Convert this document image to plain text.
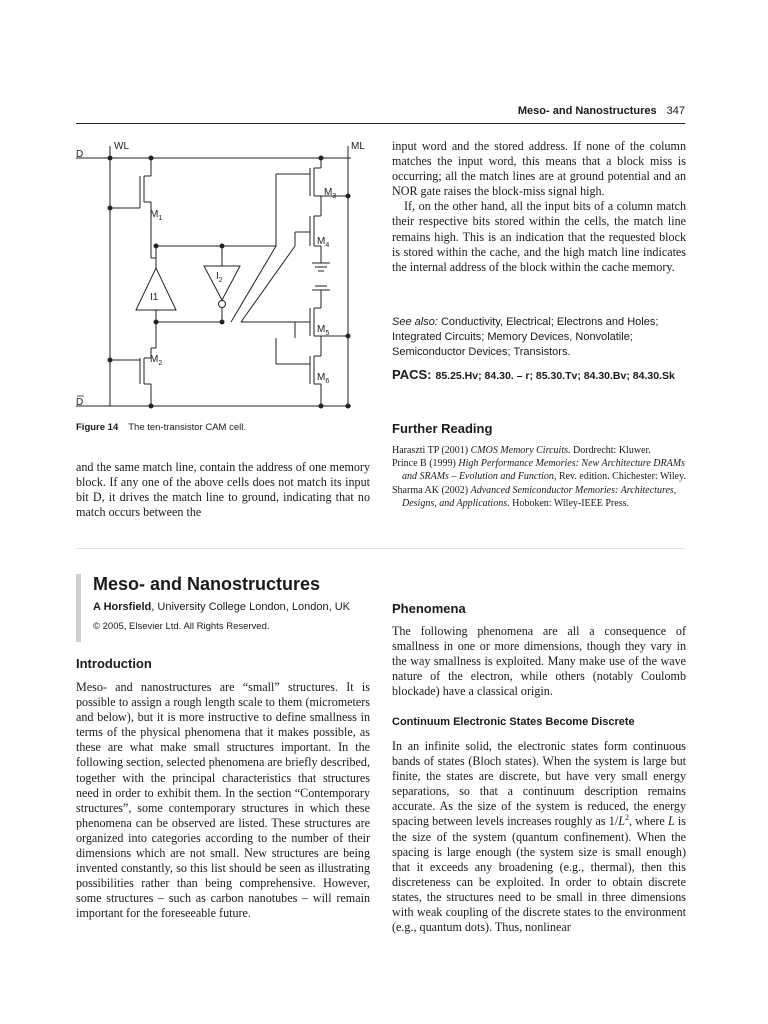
Meso- and Nanostructures 347
D
WL	ML
D
$M_1$
$M_2$
$M_3$
$M_4$
$M_5$
$M_6$
I1
$I_2$
Figure 14 The ten-transistor CAM cell.

and the same match line, contain the address of one memory block. If any one of the above cells does not match its input bit D, it drives the match line to ground, indicating that no match occurs between the

input word and the stored address. If none of the column matches the input word, this means that a block miss is occurring; all the match lines are at ground potential and an NOR gate raises the block-miss signal high.

If, on the other hand, all the input bits of a column match their respective bits stored within the cells, the match line remains high. This is an indication that the requested block is stored within the cache, and the high match line indicates the internal address of the block within the cache memory.

See also: Conductivity, Electrical; Electrons and Holes; Integrated Circuits; Memory Devices, Nonvolatile; Semiconductor Devices; Transistors.
PACS: 85.25.Hv; 84.30. – r; 85.30.Tv; 84.30.Bv; 84.30.Sk
Further Reading
Haraszti TP (2001) CMOS Memory Circuits. Dordrecht: Kluwer.
Prince B (1999) High Performance Memories: New Architecture DRAMs and SRAMs – Evolution and Function, Rev. edition. Chichester: Wiley.
Sharma AK (2002) Advanced Semiconductor Memories: Architectures, Designs, and Applications. Hoboken: Wiley-IEEE Press.
Meso- and Nanostructures
A Horsfield, University College London, London, UK
© 2005, Elsevier Ltd. All Rights Reserved.
Introduction

Meso- and nanostructures are “small” structures. It is possible to assign a rough length scale to them (micrometers and below), but it is more instructive to define smallness in terms of the physical phenomena that it makes possible, as these are what make small structures important. In the following section, selected phenomena are briefly described, together with the principal characteristics that structures need in order to exhibit them. In the section “Contemporary structures”, some contemporary structures in which these phenomena can be observed are listed. These structures are organized into categories according to the number of their dimensions which are not small. New structures are being invented constantly, so this list should be seen as illustrating possibilities rather than being comprehensive. However, some structures – such as carbon nanotubes – will remain important for the foreseeable future.

Phenomena

The following phenomena are all a consequence of smallness in one or more dimensions, though they vary in the way smallness is exploited. Many make use of the wave nature of the electron, while others (notably Coulomb blockade) have a classical origin.

Continuum Electronic States Become Discrete

In an infinite solid, the electronic states form continuous bands of states (Bloch states). When the system is large but finite, the states are discrete, but have very small energy separations, so that a continuum description remains accurate. As the size of the system is reduced, the energy spacing between levels increases roughly as $1/L^2$, where L is the size of the system (quantum confinement). When the spacing is large enough (the system size is small enough) that it exceeds any broadening (e.g., thermal), then this discreteness can be exploited. In order to obtain discrete states, the structures need to be small in three dimensions with weak coupling of the discrete states to the environment (e.g., quantum dots). Thus, nonlinear
